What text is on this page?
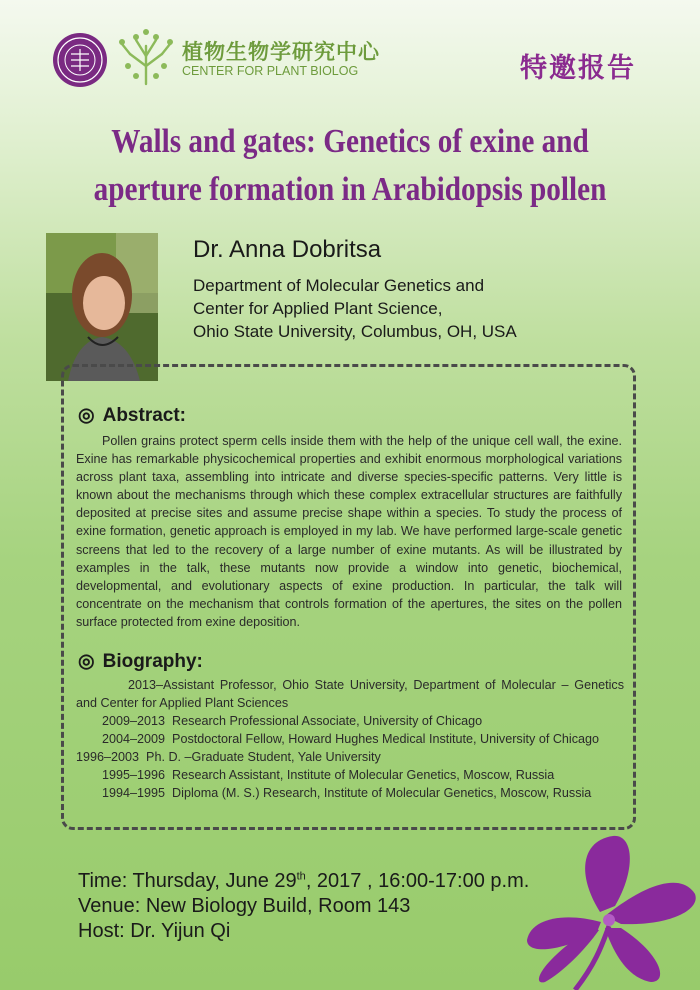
植物生物学研究中心
CENTER FOR PLANT BIOLOG	特邀报告
Walls and gates: Genetics of exine and
aperture formation in Arabidopsis pollen
Dr. Anna Dobritsa
Department of Molecular Genetics and
Center for Applied Plant Science,
Ohio State University, Columbus, OH, USA
◎ Abstract:

Pollen grains protect sperm cells inside them with the help of the unique cell wall, the exine. Exine has remarkable physicochemical properties and exhibit enormous morphological variations across plant taxa, assembling into intricate and diverse species-specific patterns. Very little is known about the mechanisms through which these complex extracellular structures are faithfully deposited at precise sites and assume precise shape within a species. To study the process of exine formation, genetic approach is employed in my lab. We have performed large-scale genetic screens that led to the recovery of a large number of exine mutants. As will be illustrated by examples in the talk, these mutants now provide a window into genetic, biochemical, developmental, and evolutionary aspects of exine production. In particular, the talk will concentrate on the mechanism that controls formation of the apertures, the sites on the pollen surface protected from exine deposition.

◎ Biography:

2013–Assistant Professor, Ohio State University, Department of Molecular – Genetics and Center for Applied Plant Sciences

2009–2013 Research Professional Associate, University of Chicago

2004–2009 Postdoctoral Fellow, Howard Hughes Medical Institute, University of Chicago

1996–2003 Ph. D. –Graduate Student, Yale University

1995–1996 Research Assistant, Institute of Molecular Genetics, Moscow, Russia

1994–1995 Diploma (M. S.) Research, Institute of Molecular Genetics, Moscow, Russia

Time: Thursday, June 29th, 2017 , 16:00-17:00 p.m.
Venue: New Biology Build, Room 143
Host: Dr. Yijun Qi
